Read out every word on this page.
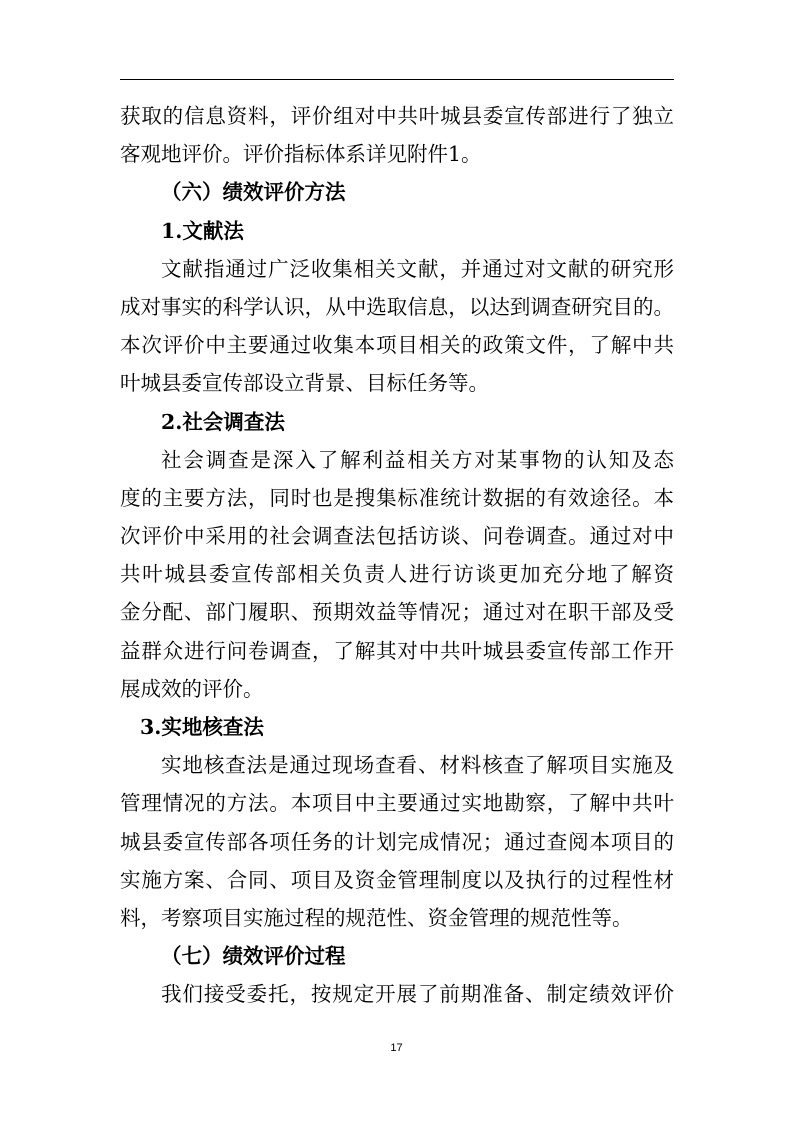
获取的信息资料，评价组对中共叶城县委宣传部进行了独立
客观地评价。评价指标体系详见附件1。
（六）绩效评价方法
1.文献法
文献指通过广泛收集相关文献，并通过对文献的研究形
成对事实的科学认识，从中选取信息，以达到调查研究目的。
本次评价中主要通过收集本项目相关的政策文件，了解中共
叶城县委宣传部设立背景、目标任务等。
2.社会调查法
社会调查是深入了解利益相关方对某事物的认知及态
度的主要方法，同时也是搜集标准统计数据的有效途径。本
次评价中采用的社会调查法包括访谈、问卷调查。通过对中
共叶城县委宣传部相关负责人进行访谈更加充分地了解资
金分配、部门履职、预期效益等情况；通过对在职干部及受
益群众进行问卷调查，了解其对中共叶城县委宣传部工作开
展成效的评价。
3.实地核查法
实地核查法是通过现场查看、材料核查了解项目实施及
管理情况的方法。本项目中主要通过实地勘察，了解中共叶
城县委宣传部各项任务的计划完成情况；通过查阅本项目的
实施方案、合同、项目及资金管理制度以及执行的过程性材
料，考察项目实施过程的规范性、资金管理的规范性等。
（七）绩效评价过程
我们接受委托，按规定开展了前期准备、制定绩效评价
17
